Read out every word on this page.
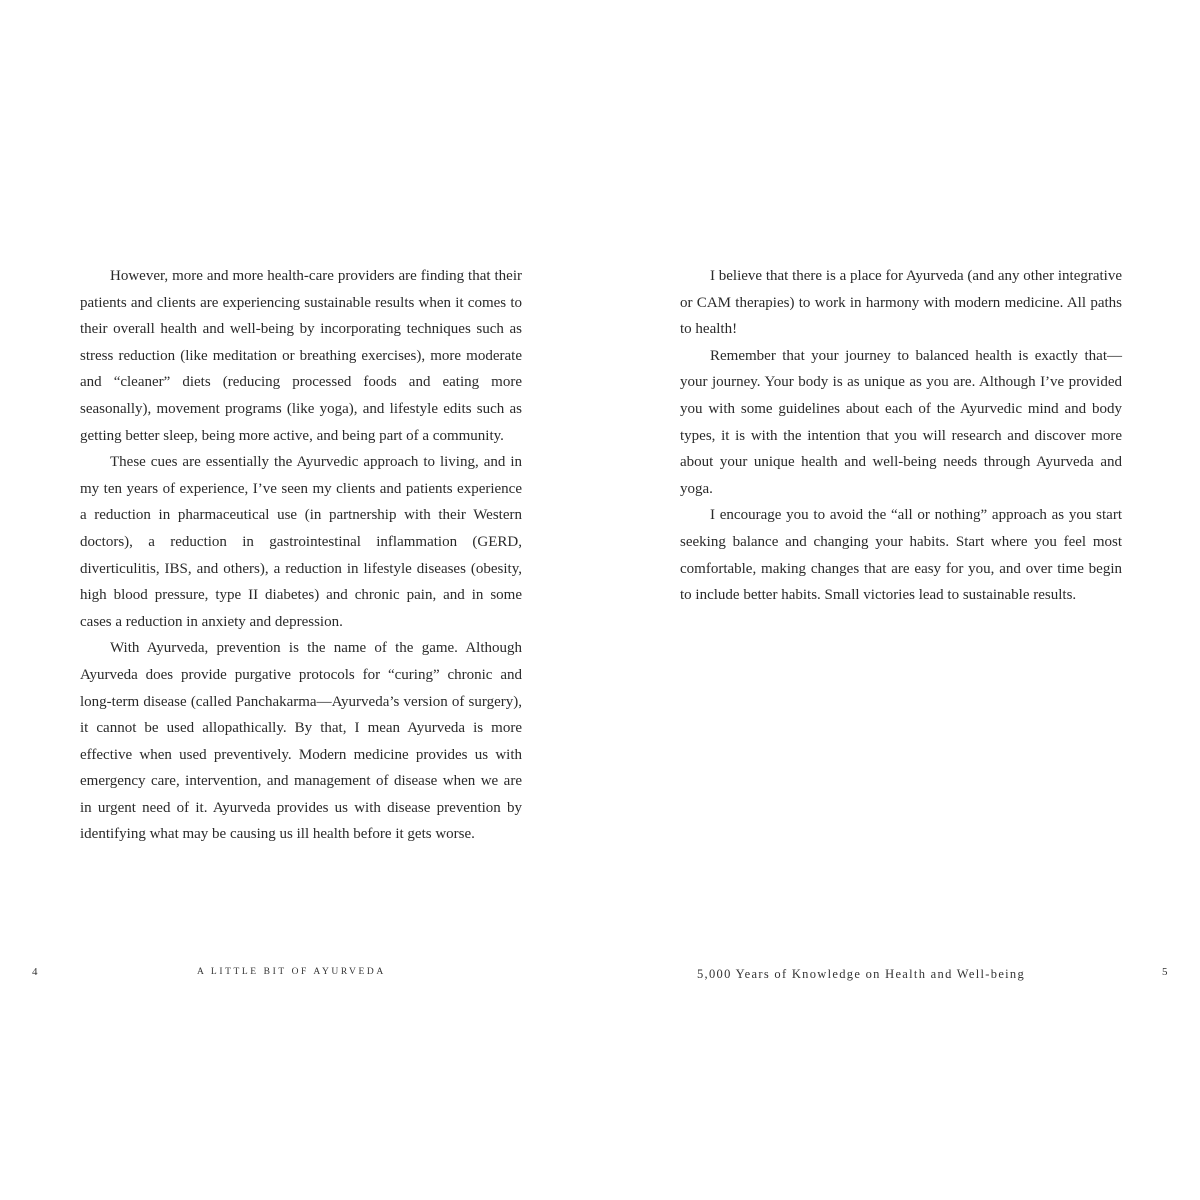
However, more and more health-care providers are finding that their patients and clients are experiencing sustainable results when it comes to their overall health and well-being by incorporating techniques such as stress reduction (like meditation or breathing exercises), more moderate and “cleaner” diets (reducing processed foods and eating more seasonally), movement programs (like yoga), and lifestyle edits such as getting better sleep, being more active, and being part of a community.

These cues are essentially the Ayurvedic approach to living, and in my ten years of experience, I’ve seen my clients and patients experience a reduction in pharmaceutical use (in partnership with their Western doctors), a reduction in gastrointestinal inflammation (GERD, diverticulitis, IBS, and others), a reduction in lifestyle diseases (obesity, high blood pressure, type II diabetes) and chronic pain, and in some cases a reduction in anxiety and depression.

With Ayurveda, prevention is the name of the game. Although Ayurveda does provide purgative protocols for “curing” chronic and long-term disease (called Panchakarma—Ayurveda’s version of surgery), it cannot be used allopathically. By that, I mean Ayurveda is more effective when used preventively. Modern medicine provides us with emergency care, intervention, and management of disease when we are in urgent need of it. Ayurveda provides us with disease prevention by identifying what may be causing us ill health before it gets worse.

4	A LITTLE BIT OF AYURVEDA

I believe that there is a place for Ayurveda (and any other integrative or CAM therapies) to work in harmony with modern medicine. All paths to health!

Remember that your journey to balanced health is exactly that—your journey. Your body is as unique as you are. Although I’ve provided you with some guidelines about each of the Ayurvedic mind and body types, it is with the intention that you will research and discover more about your unique health and well-being needs through Ayurveda and yoga.

I encourage you to avoid the “all or nothing” approach as you start seeking balance and changing your habits. Start where you feel most comfortable, making changes that are easy for you, and over time begin to include better habits. Small victories lead to sustainable results.

5,000 Years of Knowledge on Health and Well-being	5
